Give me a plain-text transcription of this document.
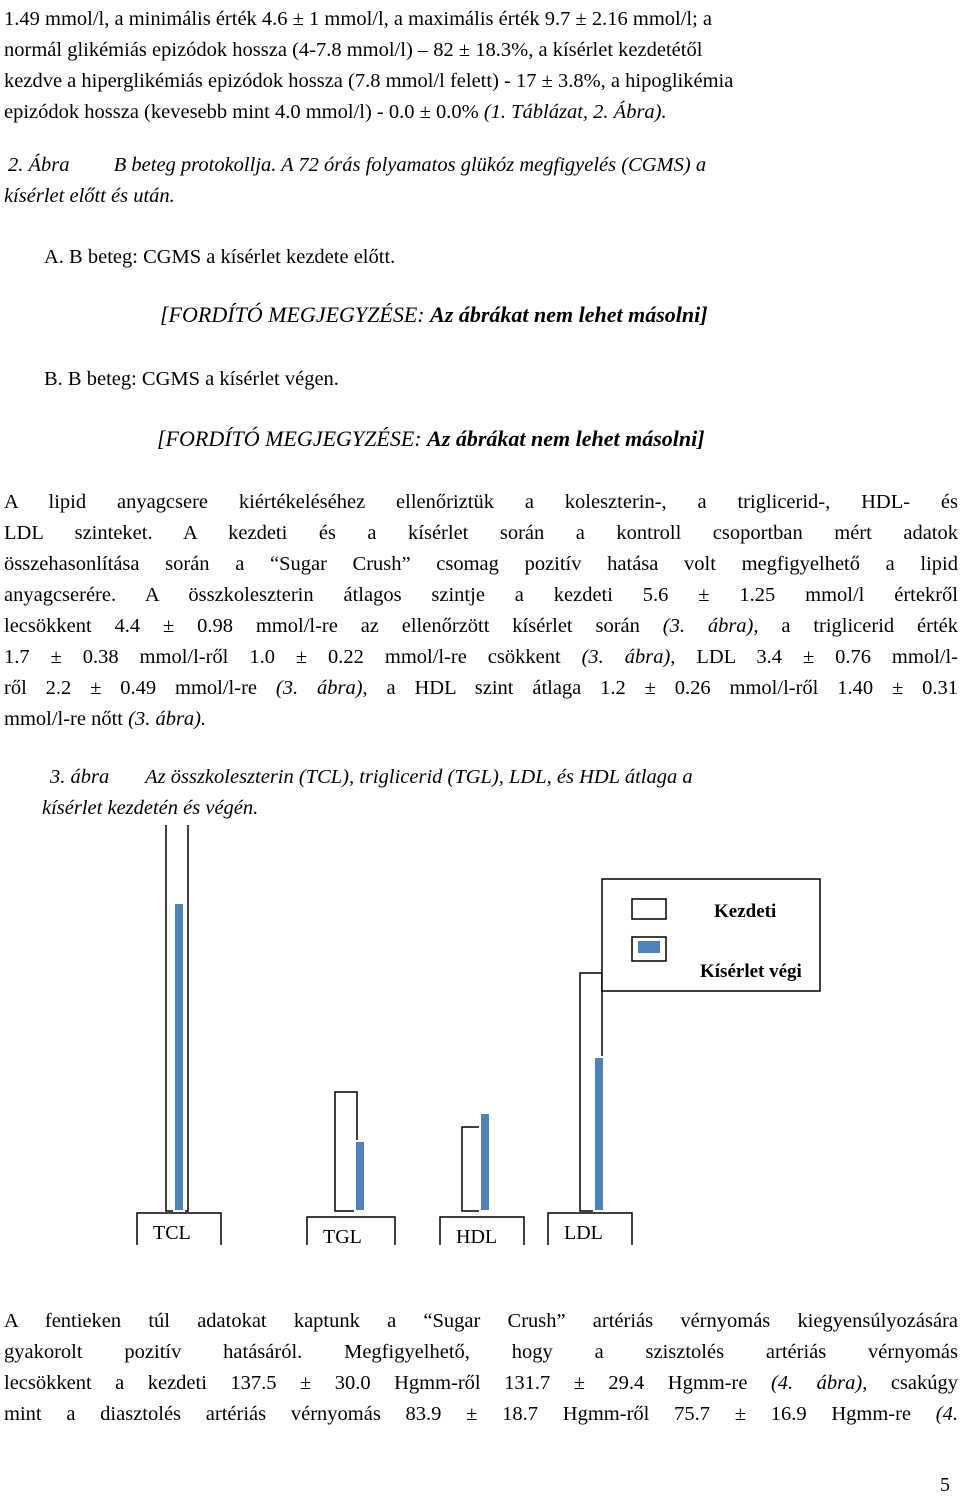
1.49 mmol/l, a minimális érték 4.6 ± 1 mmol/l, a maximális érték 9.7 ± 2.16 mmol/l; a
normál glikémiás epizódok hossza (4-7.8 mmol/l) – 82 ± 18.3%, a kísérlet kezdetétől
kezdve a hiperglikémiás epizódok hossza (7.8 mmol/l felett) - 17 ± 3.8%, a hipoglikémia
epizódok hossza (kevesebb mint 4.0 mmol/l) - 0.0 ± 0.0% (1. Táblázat, 2. Ábra).
2. Ábra B beteg protokollja. A 72 órás folyamatos glükóz megfigyelés (CGMS) a
kísérlet előtt és után.
A. B beteg: CGMS a kísérlet kezdete előtt.
[FORDÍTÓ MEGJEGYZÉSE: Az ábrákat nem lehet másolni]
B. B beteg: CGMS a kísérlet végen.
[FORDÍTÓ MEGJEGYZÉSE: Az ábrákat nem lehet másolni]
A lipid anyagcsere kiértékeléséhez ellenőriztük a koleszterin-, a triglicerid-, HDL- és
LDL szinteket. A kezdeti és a kísérlet során a kontroll csoportban mért adatok
összehasonlítása során a “Sugar Crush” csomag pozitív hatása volt megfigyelhető a lipid
anyagcserére. A összkoleszterin átlagos szintje a kezdeti 5.6 ± 1.25 mmol/l értekről
lecsökkent 4.4 ± 0.98 mmol/l-re az ellenőrzött kísérlet során (3. ábra), a triglicerid érték
1.7 ± 0.38 mmol/l-ről 1.0 ± 0.22 mmol/l-re csökkent (3. ábra), LDL 3.4 ± 0.76 mmol/l-
ről 2.2 ± 0.49 mmol/l-re (3. ábra), a HDL szint átlaga 1.2 ± 0.26 mmol/l-ről 1.40 ± 0.31
mmol/l-re nőtt (3. ábra).
3. ábra Az összkoleszterin (TCL), triglicerid (TGL), LDL, és HDL átlaga a
kísérlet kezdetén és végén.
TCL	TGL	HDL	LDL
Kezdeti
Kísérlet végi
A fentieken túl adatokat kaptunk a “Sugar Crush” artériás vérnyomás kiegyensúlyozására
gyakorolt pozitív hatásáról. Megfigyelhető, hogy a szisztolés artériás vérnyomás
lecsökkent a kezdeti 137.5 ± 30.0 Hgmm-ről 131.7 ± 29.4 Hgmm-re (4. ábra), csakúgy
mint a diasztolés artériás vérnyomás 83.9 ± 18.7 Hgmm-ről 75.7 ± 16.9 Hgmm-re (4.
5
